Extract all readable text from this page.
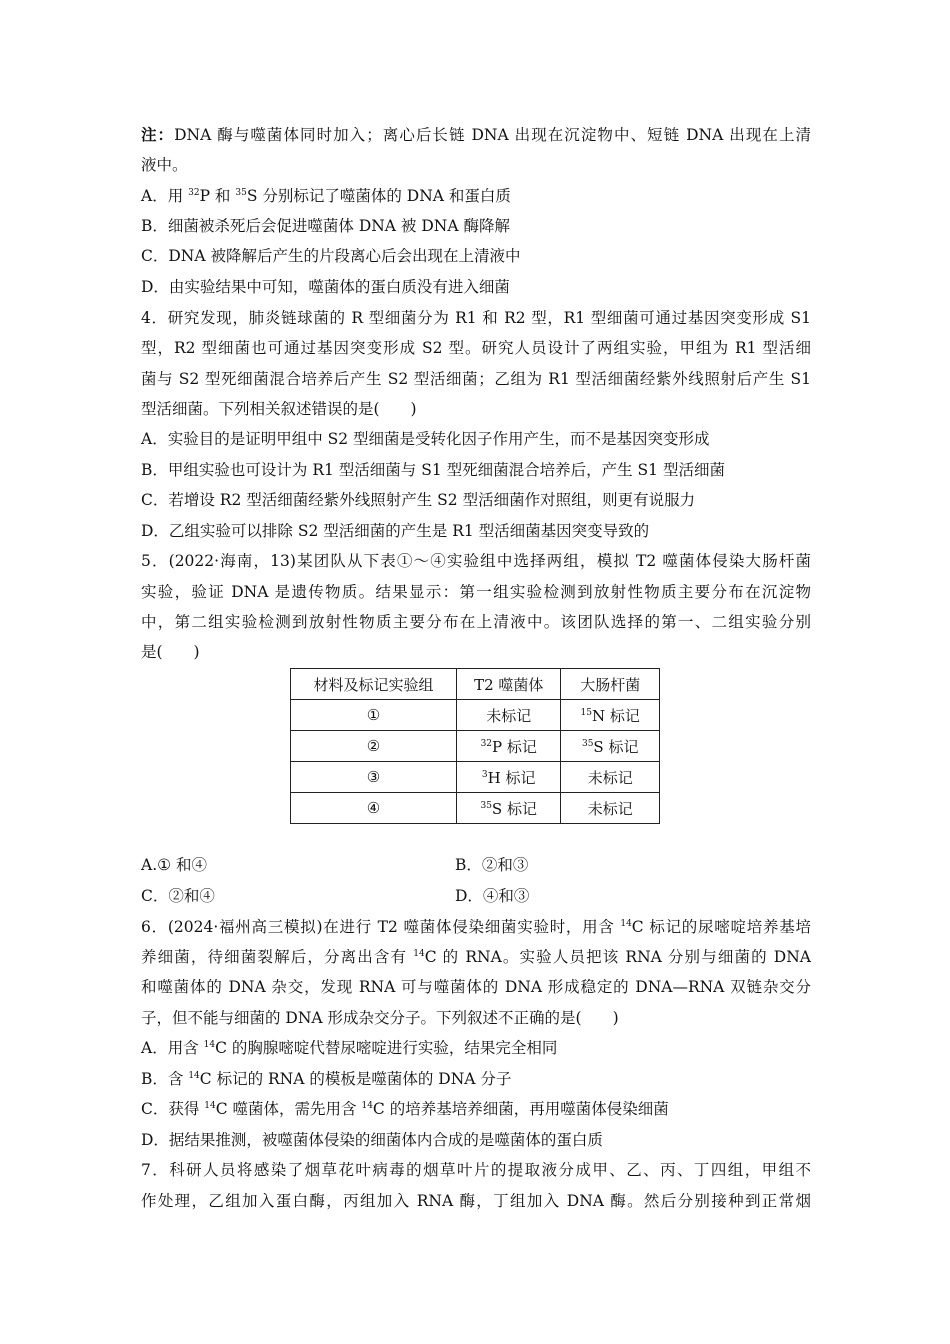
注：DNA 酶与噬菌体同时加入；离心后长链 DNA 出现在沉淀物中、短链 DNA 出现在上清
液中。
A．用 $^{32}$P 和 $^{35}$S 分别标记了噬菌体的 DNA 和蛋白质
B．细菌被杀死后会促进噬菌体 DNA 被 DNA 酶降解
C．DNA 被降解后产生的片段离心后会出现在上清液中
D．由实验结果中可知，噬菌体的蛋白质没有进入细菌
4．研究发现，肺炎链球菌的 R 型细菌分为 R1 和 R2 型，R1 型细菌可通过基因突变形成 S1
型，R2 型细菌也可通过基因突变形成 S2 型。研究人员设计了两组实验，甲组为 R1 型活细
菌与 S2 型死细菌混合培养后产生 S2 型活细菌；乙组为 R1 型活细菌经紫外线照射后产生 S1
型活细菌。下列相关叙述错误的是(　　)
A．实验目的是证明甲组中 S2 型细菌是受转化因子作用产生，而不是基因突变形成
B．甲组实验也可设计为 R1 型活细菌与 S1 型死细菌混合培养后，产生 S1 型活细菌
C．若增设 R2 型活细菌经紫外线照射产生 S2 型活细菌作对照组，则更有说服力
D．乙组实验可以排除 S2 型活细菌的产生是 R1 型活细菌基因突变导致的
5．(2022·海南，13)某团队从下表①～④实验组中选择两组，模拟 T2 噬菌体侵染大肠杆菌
实验，验证 DNA 是遗传物质。结果显示：第一组实验检测到放射性物质主要分布在沉淀物
中，第二组实验检测到放射性物质主要分布在上清液中。该团队选择的第一、二组实验分别
是(　　)
材料及标记实验组	T2 噬菌体	大肠杆菌
①	未标记	$^{15}$N 标记
②	$^{32}$P 标记	$^{35}$S 标记
③	$^3$H 标记	未标记
④	$^{35}$S 标记	未标记
A.① 和④	B．②和③
C．②和④	D．④和③
6．(2024·福州高三模拟)在进行 T2 噬菌体侵染细菌实验时，用含 $^{14}$C 标记的尿嘧啶培养基培
养细菌，待细菌裂解后，分离出含有 $^{14}$C 的 RNA。实验人员把该 RNA 分别与细菌的 DNA
和噬菌体的 DNA 杂交，发现 RNA 可与噬菌体的 DNA 形成稳定的 DNA—RNA 双链杂交分
子，但不能与细菌的 DNA 形成杂交分子。下列叙述不正确的是(　　)
A．用含 $^{14}$C 的胸腺嘧啶代替尿嘧啶进行实验，结果完全相同
B．含 $^{14}$C 标记的 RNA 的模板是噬菌体的 DNA 分子
C．获得 $^{14}$C 噬菌体，需先用含 $^{14}$C 的培养基培养细菌，再用噬菌体侵染细菌
D．据结果推测，被噬菌体侵染的细菌体内合成的是噬菌体的蛋白质
7．科研人员将感染了烟草花叶病毒的烟草叶片的提取液分成甲、乙、丙、丁四组，甲组不
作处理，乙组加入蛋白酶，丙组加入 RNA 酶，丁组加入 DNA 酶。然后分别接种到正常烟
